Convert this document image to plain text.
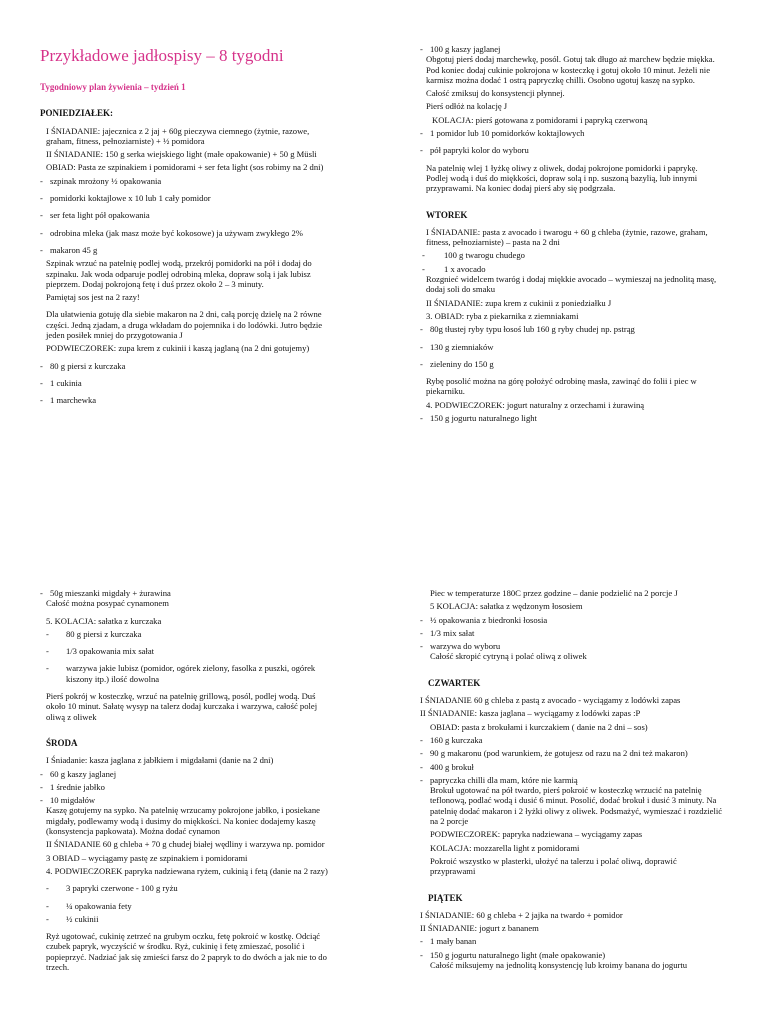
Przykładowe jadłospisy – 8 tygodni

Tygodniowy plan żywienia – tydzień 1

PONIEDZIAŁEK:

I ŚNIADANIE: jajecznica z 2 jaj + 60g pieczywa ciemnego (żytnie, razowe, graham, fitness, pełnoziarniste) + ½ pomidora

II ŚNIADANIE: 150 g serka wiejskiego light (małe opakowanie) + 50 g Müsli

OBIAD: Pasta ze szpinakiem i pomidorami + ser feta light (sos robimy na 2 dni)

- szpinak mrożony ½ opakowania

- pomidorki koktajlowe x 10 lub 1 cały pomidor

- ser feta light pół opakowania

- odrobina mleka (jak masz może być kokosowe) ja używam zwykłego 2%

- makaron 45 g

Szpinak wrzuć na patelnię podlej wodą, przekrój pomidorki na pół i dodaj do szpinaku. Jak woda odparuje podlej odrobiną mleka, dopraw solą i jak lubisz pieprzem. Dodaj pokrojoną fetę i duś przez około 2 – 3 minuty.

Pamiętaj sos jest na 2 razy!

Dla ułatwienia gotuję dla siebie makaron na 2 dni, całą porcję dzielę na 2 równe części. Jedną zjadam, a druga wkładam do pojemnika i do lodówki. Jutro będzie jeden posiłek mniej do przygotowania J

PODWIECZOREK: zupa krem z cukinii i kaszą jaglaną (na 2 dni gotujemy)

- 80 g piersi z kurczaka

- 1 cukinia

- 1 marchewka

- 100 g kaszy jaglanej

Obgotuj pierś dodaj marchewkę, posól. Gotuj tak długo aż marchew będzie miękka. Pod koniec dodaj cukinie pokrojona w kosteczkę i gotuj około 10 minut. Jeżeli nie karmisz można dodać 1 ostrą papryczkę chilli. Osobno ugotuj kaszę na sypko.

Całość zmiksuj do konsystencji płynnej.

Pierś odłóż na kolację J

KOLACJA: pierś gotowana z pomidorami i papryką czerwoną

- 1 pomidor lub 10 pomidorków koktajlowych

- pół papryki kolor do wyboru

Na patelnię wlej 1 łyżkę oliwy z oliwek, dodaj pokrojone pomidorki i paprykę. Podlej wodą i duś do miękkości, dopraw solą i np. suszoną bazylią, lub innymi przyprawami. Na koniec dodaj pierś aby się podgrzała.

WTOREK

I ŚNIADANIE: pasta z avocado i twarogu + 60 g chleba (żytnie, razowe, graham, fitness, pełnoziarniste) – pasta na 2 dni

- 100 g twarogu chudego

- 1 x avocado

Rozgnieć widelcem twaróg i dodaj miękkie avocado – wymieszaj na jednolitą masę, dodaj soli do smaku

II ŚNIADANIE: zupa krem z cukinii z poniedziałku J

3. OBIAD: ryba z piekarnika z ziemniakami

- 80g tłustej ryby typu łosoś lub 160 g ryby chudej np. pstrąg

- 130 g ziemniaków

- zieleniny do 150 g

Rybę posolić można na górę położyć odrobinę masła, zawinąć do folii i piec w piekarniku.

4. PODWIECZOREK: jogurt naturalny z orzechami i żurawiną

- 150 g jogurtu naturalnego light

- 50g mieszanki migdały + żurawina

Całość można posypać cynamonem

5. KOLACJA: sałatka z kurczaka

- 80 g piersi z kurczaka

- 1/3 opakowania mix sałat

- warzywa jakie lubisz (pomidor, ogórek zielony, fasolka z puszki, ogórek kiszony itp.) ilość dowolna

Pierś pokrój w kosteczkę, wrzuć na patelnię grillową, posól, podlej wodą. Duś około 10 minut. Sałatę wysyp na talerz dodaj kurczaka i warzywa, całość polej oliwą z oliwek

ŚRODA

I Śniadanie: kasza jaglana z jabłkiem i migdałami (danie na 2 dni)

- 60 g kaszy jaglanej

- 1 średnie jabłko

- 10 migdałów

Kaszę gotujemy na sypko. Na patelnię wrzucamy pokrojone jabłko, i posiekane migdały, podlewamy wodą i dusimy do miękkości. Na koniec dodajemy kaszę (konsystencja papkowata). Można dodać cynamon

II ŚNIADANIE 60 g chleba + 70 g chudej białej wędliny i warzywa np. pomidor

3 OBIAD – wyciągamy pastę ze szpinakiem i pomidorami

4. PODWIECZOREK papryka nadziewana ryżem, cukinią i fetą (danie na 2 razy)

- 3 papryki czerwone - 100 g ryżu

- ¼ opakowania fety

- ½ cukinii

Ryż ugotować, cukinię zetrzeć na grubym oczku, fetę pokroić w kostkę. Odciąć czubek papryk, wyczyścić w środku. Ryż, cukinię i fetę zmieszać, posolić i popieprzyć. Nadziać jak się zmieści farsz do 2 papryk to do dwóch a jak nie to do trzech.

Piec w temperaturze 180C przez godzine – danie podzielić na 2 porcje J

5 KOLACJA: sałatka z wędzonym łososiem

- ½ opakowania z biedronki łososia

- 1/3 mix sałat

- warzywa do wyboru

Całość skropić cytryną i polać oliwą z oliwek

CZWARTEK

I ŚNIADANIE 60 g chleba z pastą z avocado - wyciągamy z lodówki zapas

II ŚNIADANIE: kasza jaglana – wyciągamy z lodówki zapas :P

OBIAD: pasta z brokułami i kurczakiem ( danie na 2 dni – sos)

- 160 g kurczaka

- 90 g makaronu (pod warunkiem, że gotujesz od razu na 2 dni też makaron)

- 400 g brokuł

- papryczka chilli dla mam, które nie karmią

Brokuł ugotować na pół twardo, pierś pokroić w kosteczkę wrzucić na patelnię teflonową, podlać wodą i dusić 6 minut. Posolić, dodać brokuł i dusić 3 minuty. Na patelnię dodać makaron i 2 łyżki oliwy z oliwek. Podsmażyć, wymieszać i rozdzielić na 2 porcje

PODWIECZOREK: papryka nadziewana – wyciągamy zapas

KOLACJA: mozzarella light z pomidorami

Pokroić wszystko w plasterki, ułożyć na talerzu i polać oliwą, doprawić przyprawami

PIĄTEK

I ŚNIADANIE: 60 g chleba + 2 jajka na twardo + pomidor

II ŚNIADANIE: jogurt z bananem

- 1 mały banan

- 150 g jogurtu naturalnego light (małe opakowanie)

Całość miksujemy na jednolitą konsystencję lub kroimy banana do jogurtu
